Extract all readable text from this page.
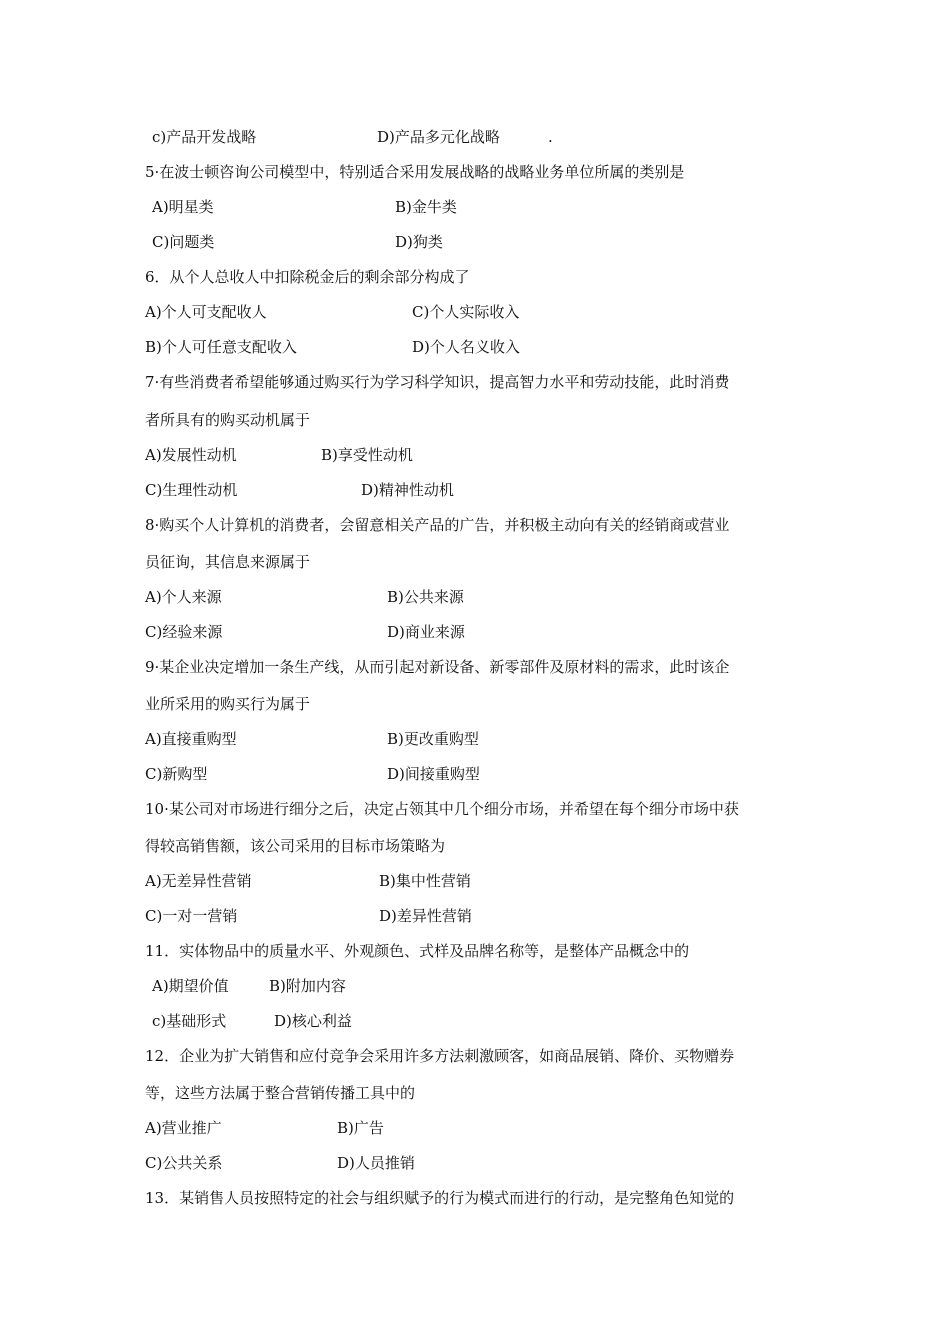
c)产品开发战略	D)产品多元化战略	.
5·在波士顿咨询公司模型中，特别适合采用发展战略的战略业务单位所属的类别是
A)明星类	B)金牛类
C)问题类	D)狗类
6．从个人总收人中扣除税金后的剩余部分构成了
A)个人可支配收人	C)个人实际收入
B)个人可任意支配收入	D)个人名义收入
7·有些消费者希望能够通过购买行为学习科学知识，提高智力水平和劳动技能，此时消费
者所具有的购买动机属于
A)发展性动机	B)享受性动机
C)生理性动机	D)精神性动机
8·购买个人计算机的消费者，会留意相关产品的广告，并积极主动向有关的经销商或营业
员征询，其信息来源属于
A)个人来源	B)公共来源
C)经验来源	D)商业来源
9·某企业决定增加一条生产线，从而引起对新设备、新零部件及原材料的需求，此时该企
业所采用的购买行为属于
A)直接重购型	B)更改重购型
C)新购型	D)间接重购型
10·某公司对市场进行细分之后，决定占领其中几个细分市场，并希望在每个细分市场中获
得较高销售额，该公司采用的目标市场策略为
A)无差异性营销	B)集中性营销
C)一对一营销	D)差异性营销
11．实体物品中的质量水平、外观颜色、式样及品牌名称等，是整体产品概念中的
A)期望价值	B)附加内容
c)基础形式	D)核心利益
12．企业为扩大销售和应付竞争会采用许多方法刺激顾客，如商品展销、降价、买物赠券
等，这些方法属于整合营销传播工具中的
A)营业推广	B)广告
C)公共关系	D)人员推销
13．某销售人员按照特定的社会与组织赋予的行为模式而进行的行动，是完整角色知觉的
